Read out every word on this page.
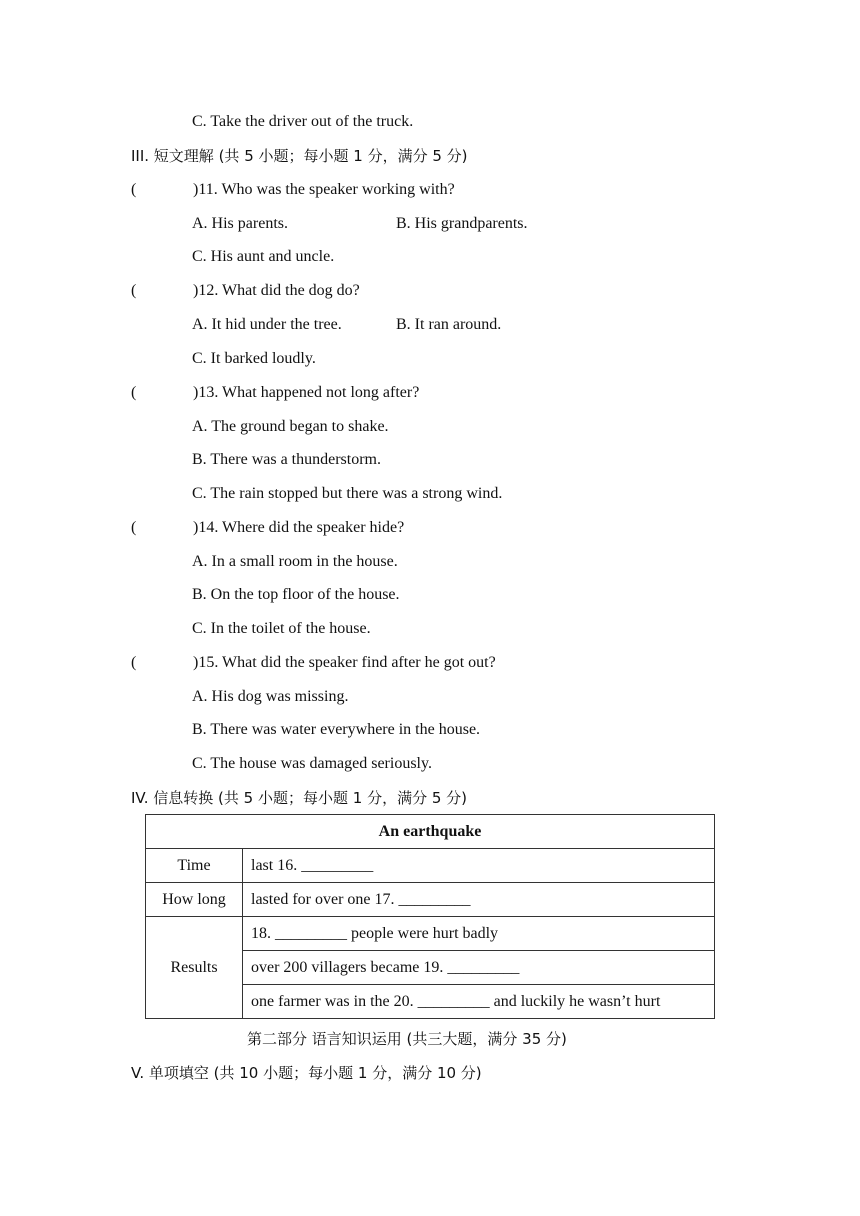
C. Take the driver out of the truck.
III. 短文理解 (共 5 小题；每小题 1 分，满分 5 分)
(	)11. Who was the speaker working with?
A. His parents.	B. His grandparents.
C. His aunt and uncle.
(	)12. What did the dog do?
A. It hid under the tree.	B. It ran around.
C. It barked loudly.
(	)13. What happened not long after?
A. The ground began to shake.
B. There was a thunderstorm.
C. The rain stopped but there was a strong wind.
(	)14. Where did the speaker hide?
A. In a small room in the house.
B. On the top floor of the house.
C. In the toilet of the house.
(	)15. What did the speaker find after he got out?
A. His dog was missing.
B. There was water everywhere in the house.
C. The house was damaged seriously.
IV. 信息转换 (共 5 小题；每小题 1 分，满分 5 分)
An earthquake	
Time	last 16. _________
How long	lasted for over one 17. _________
Results	18. _________ people were hurt badly
	over 200 villagers became 19. _________
	one farmer was in the 20. _________ and luckily he wasn’t hurt
第二部分 语言知识运用 (共三大题，满分 35 分)
V. 单项填空 (共 10 小题；每小题 1 分，满分 10 分)
